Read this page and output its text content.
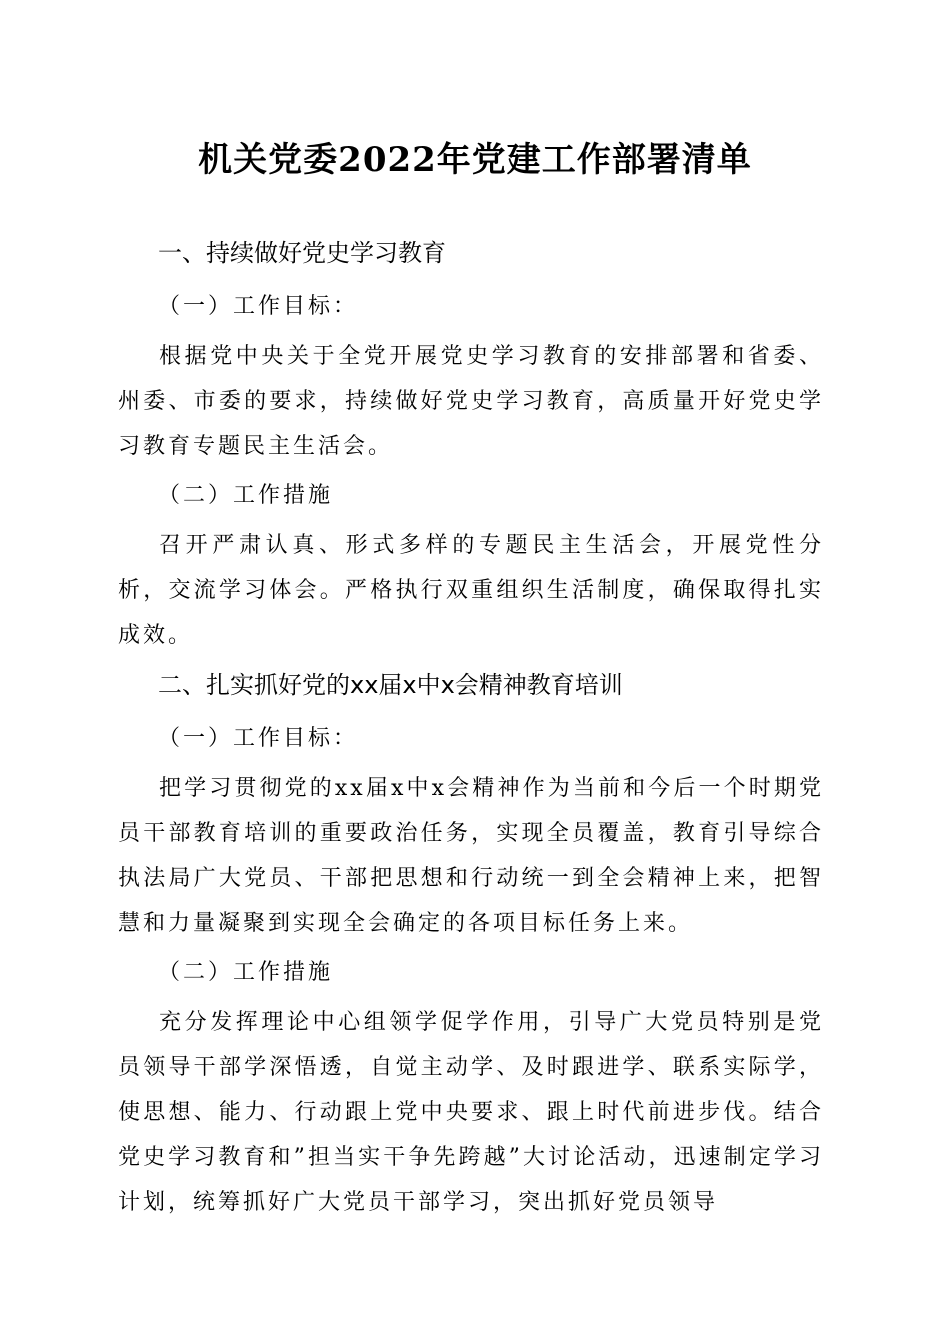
机关党委2022年党建工作部署清单

一、持续做好党史学习教育

（一）工作目标：

根据党中央关于全党开展党史学习教育的安排部署和省委、州委、市委的要求，持续做好党史学习教育，高质量开好党史学习教育专题民主生活会。

（二）工作措施

召开严肃认真、形式多样的专题民主生活会，开展党性分析，交流学习体会。严格执行双重组织生活制度，确保取得扎实成效。

二、扎实抓好党的xx届x中x会精神教育培训

（一）工作目标：

把学习贯彻党的xx届x中x会精神作为当前和今后一个时期党员干部教育培训的重要政治任务，实现全员覆盖，教育引导综合执法局广大党员、干部把思想和行动统一到全会精神上来，把智慧和力量凝聚到实现全会确定的各项目标任务上来。

（二）工作措施

充分发挥理论中心组领学促学作用，引导广大党员特别是党员领导干部学深悟透，自觉主动学、及时跟进学、联系实际学，使思想、能力、行动跟上党中央要求、跟上时代前进步伐。结合党史学习教育和”担当实干争先跨越”大讨论活动，迅速制定学习计划，统筹抓好广大党员干部学习，突出抓好党员领导
